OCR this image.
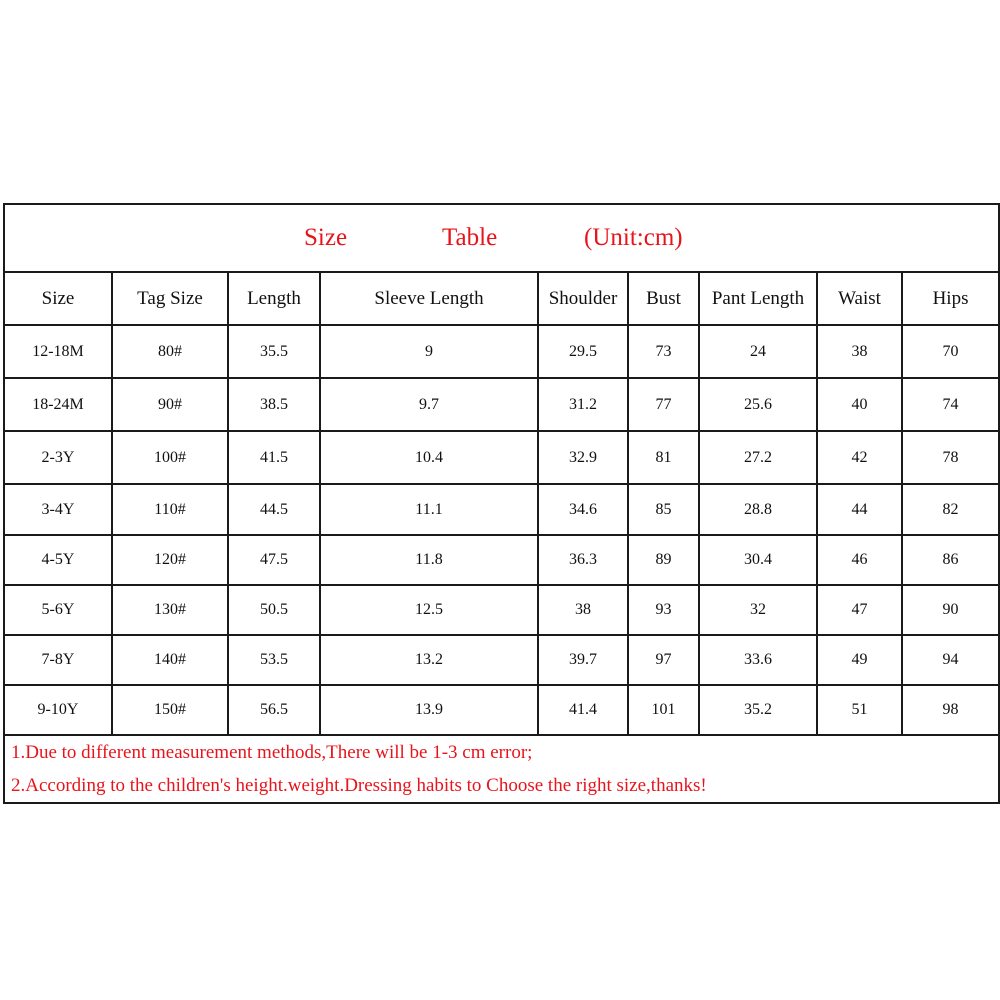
Size Table (Unit:cm)								

Size	Tag Size	Length	Sleeve Length	Shoulder	Bust	Pant Length	Waist	Hips
12-18M	80#	35.5	9	29.5	73	24	38	70
18-24M	90#	38.5	9.7	31.2	77	25.6	40	74
2-3Y	100#	41.5	10.4	32.9	81	27.2	42	78
3-4Y	110#	44.5	11.1	34.6	85	28.8	44	82
4-5Y	120#	47.5	11.8	36.3	89	30.4	46	86
5-6Y	130#	50.5	12.5	38	93	32	47	90
7-8Y	140#	53.5	13.2	39.7	97	33.6	49	94
9-10Y	150#	56.5	13.9	41.4	101	35.2	51	98

1.Due to different measurement methods,There will be 1-3 cm error;
2.According to the children's height.weight.Dressing habits to Choose the right size,thanks!								
